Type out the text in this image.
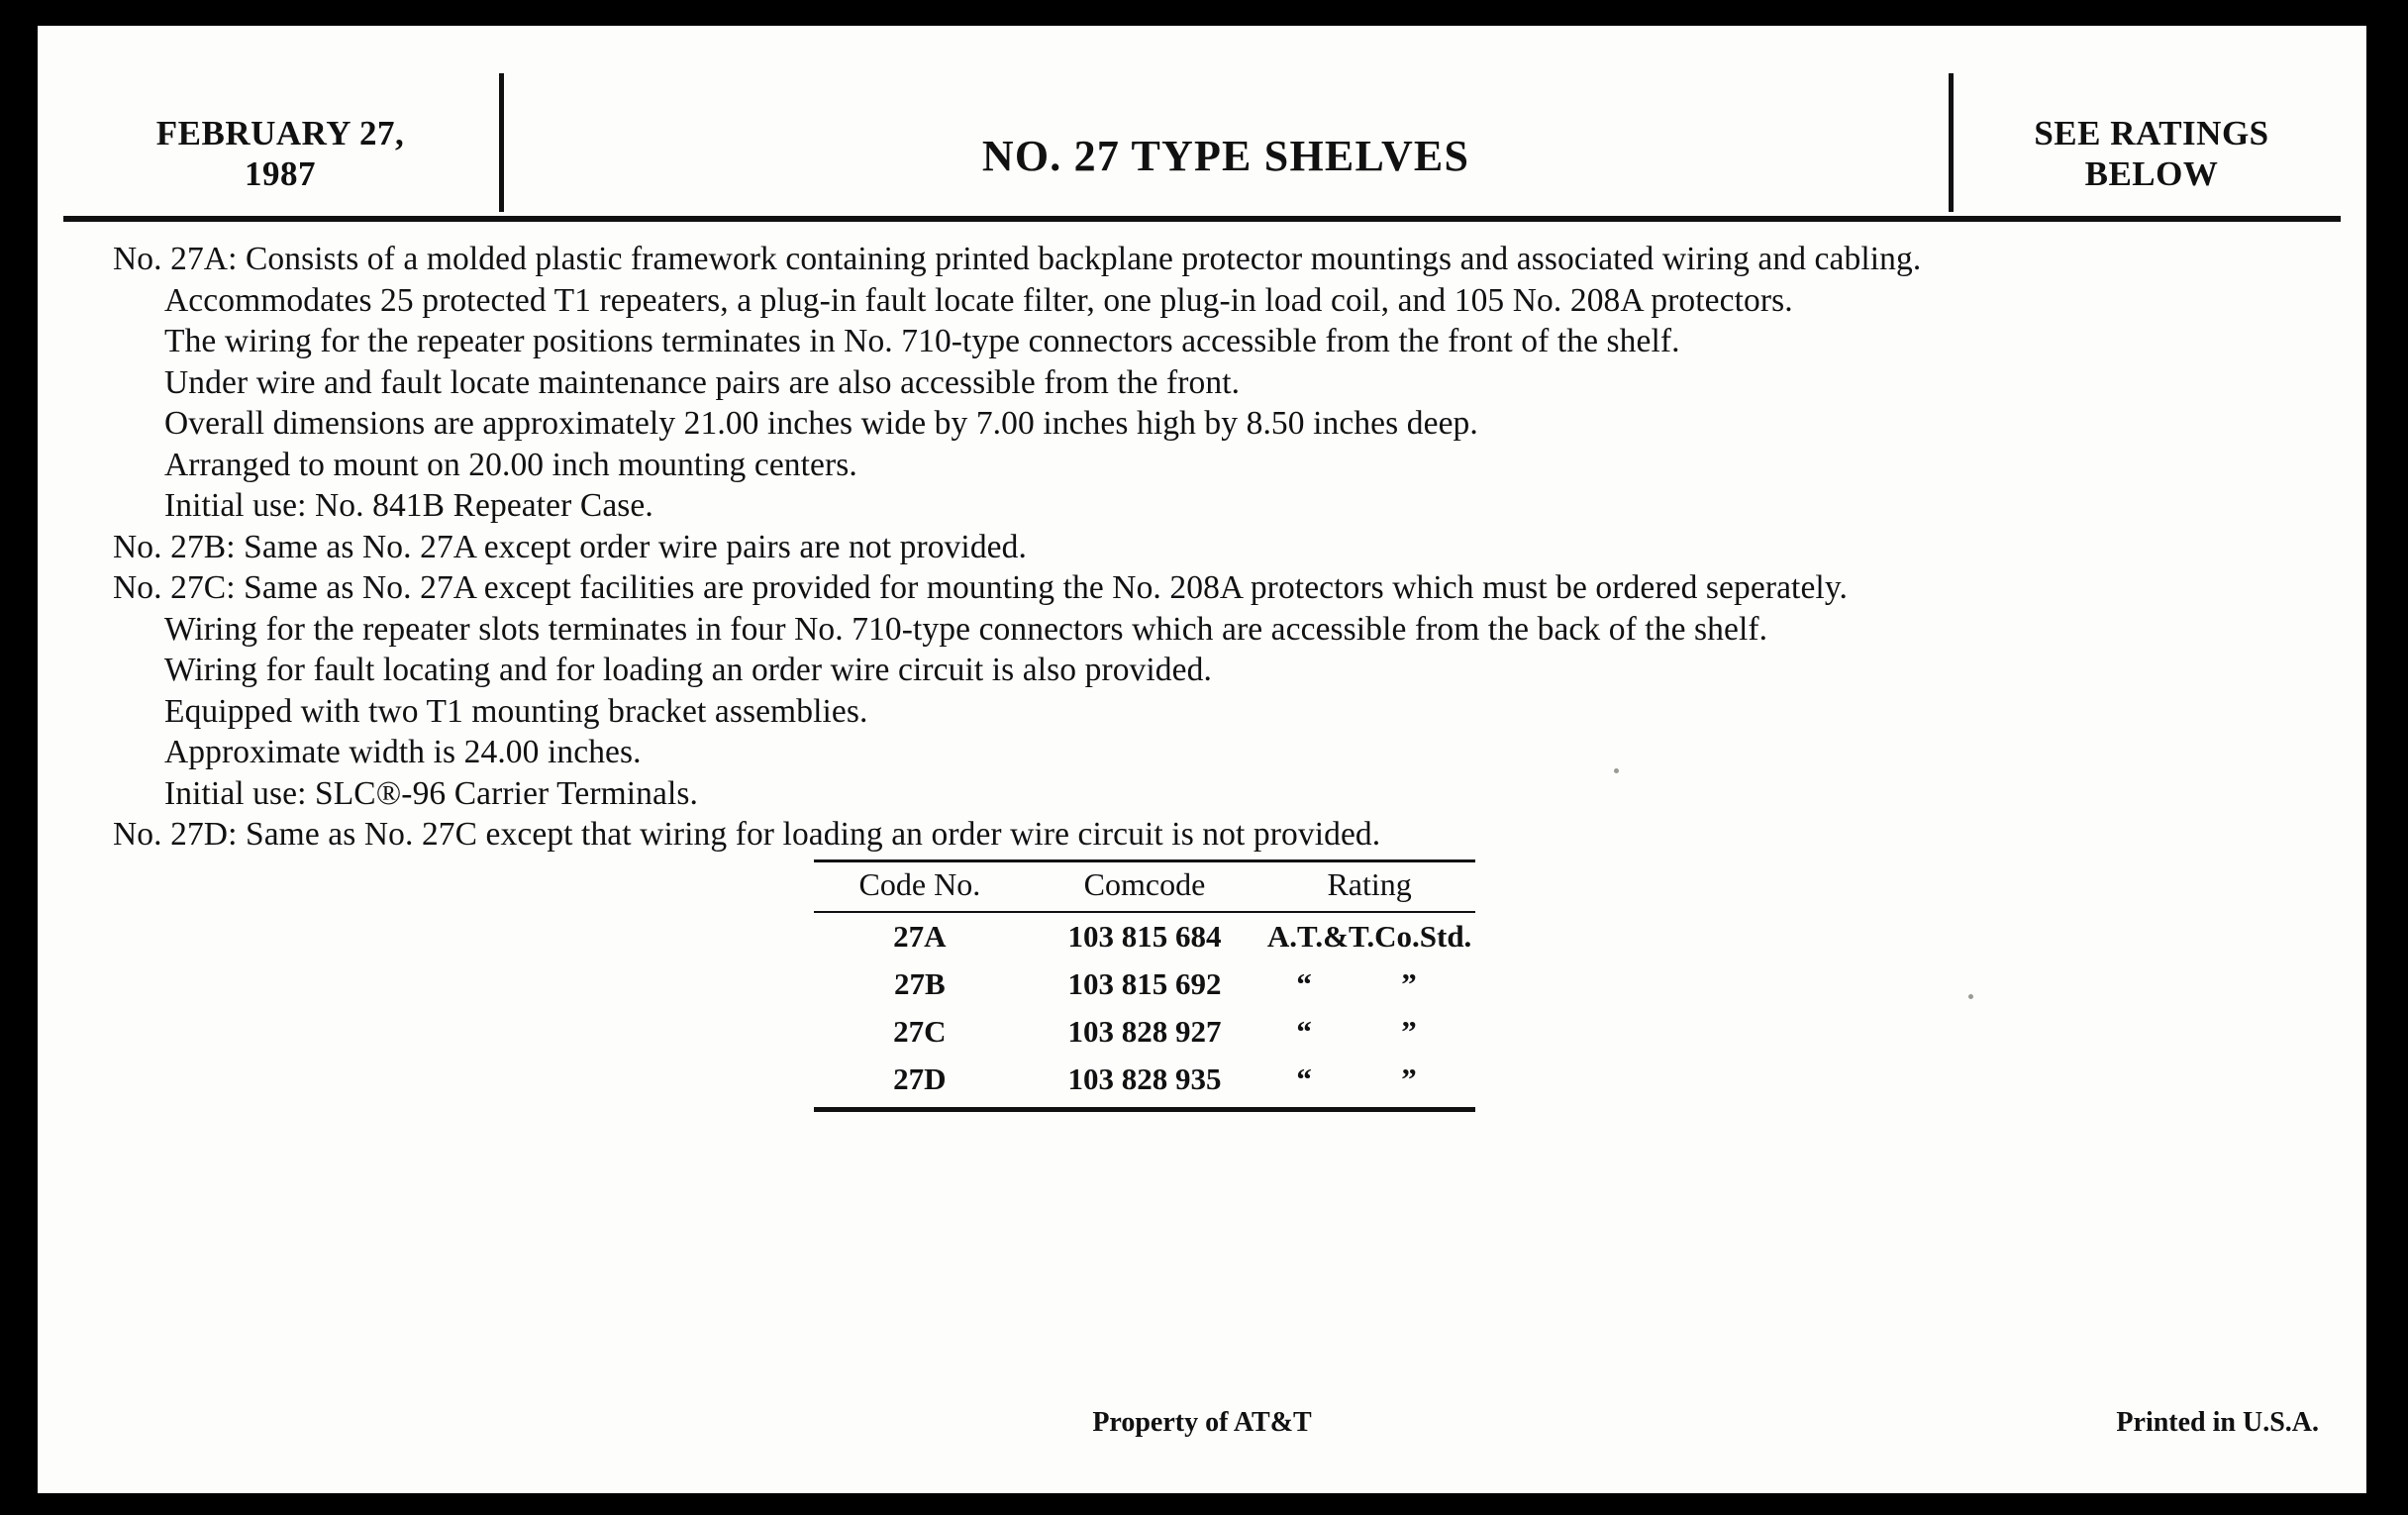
FEBRUARY 27,
1987	NO. 27 TYPE SHELVES	SEE RATINGS
BELOW
No. 27A: Consists of a molded plastic framework containing printed backplane protector mountings and associated wiring and cabling.
Accommodates 25 protected T1 repeaters, a plug-in fault locate filter, one plug-in load coil, and 105 No. 208A protectors.
The wiring for the repeater positions terminates in No. 710-type connectors accessible from the front of the shelf.
Under wire and fault locate maintenance pairs are also accessible from the front.
Overall dimensions are approximately 21.00 inches wide by 7.00 inches high by 8.50 inches deep.
Arranged to mount on 20.00 inch mounting centers.
Initial use: No. 841B Repeater Case.
No. 27B: Same as No. 27A except order wire pairs are not provided.
No. 27C: Same as No. 27A except facilities are provided for mounting the No. 208A protectors which must be ordered seperately.
Wiring for the repeater slots terminates in four No. 710-type connectors which are accessible from the back of the shelf.
Wiring for fault locating and for loading an order wire circuit is also provided.
Equipped with two T1 mounting bracket assemblies.
Approximate width is 24.00 inches.
Initial use: SLC®-96 Carrier Terminals.
No. 27D: Same as No. 27C except that wiring for loading an order wire circuit is not provided.
Code No.	Comcode	Rating
27A	103 815 684	A.T.&T.Co.Std.
27B	103 815 692	“  ”
27C	103 828 927	“  ”
27D	103 828 935	“  ”
Property of AT&T	Printed in U.S.A.
